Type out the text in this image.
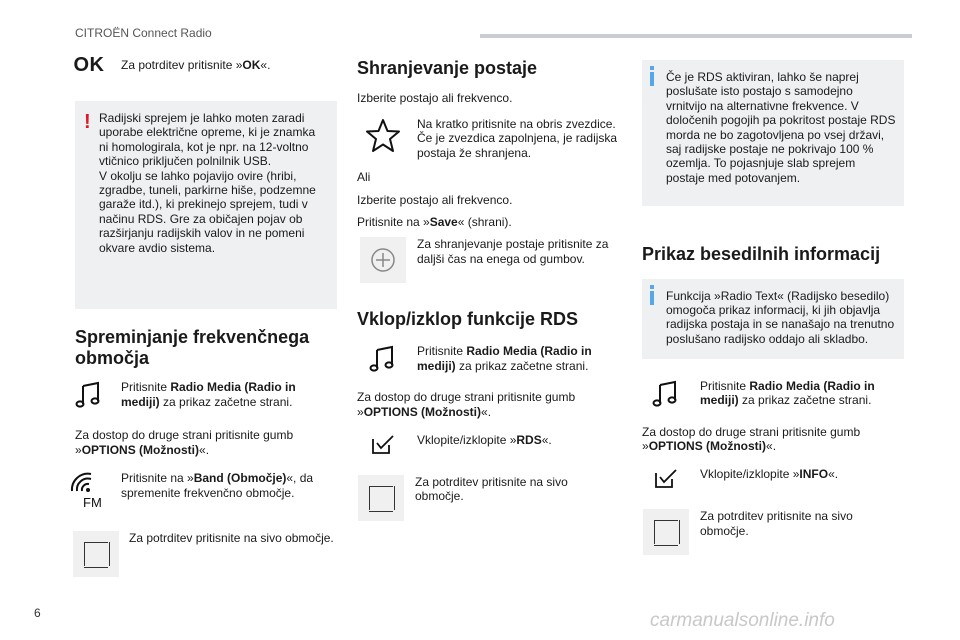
CITROËN Connect Radio
OK	Za potrditev pritisnite »OK«.
! Radijski sprejem je lahko moten zaradi uporabe električne opreme, ki je znamka ni homologirala, kot je npr. na 12-voltno vtičnico priključen polnilnik USB.
V okolju se lahko pojavijo ovire (hribi, zgradbe, tuneli, parkirne hiše, podzemne garaže itd.), ki prekinejo sprejem, tudi v načinu RDS. Gre za običajen pojav ob razširjanju radijskih valov in ne pomeni okvare avdio sistema.

Spreminjanje frekvenčnega območja
Pritisnite Radio Media (Radio in mediji) za prikaz začetne strani.

Za dostop do druge strani pritisnite gumb »OPTIONS (Možnosti)«.

FM
Pritisnite na »Band (Območje)«, da spremenite frekvenčno območje.
Za potrditev pritisnite na sivo območje.
Shranjevanje postaje

Izberite postajo ali frekvenco.

Na kratko pritisnite na obris zvezdice. Če je zvezdica zapolnjena, je radijska postaja že shranjena.

Ali

Izberite postajo ali frekvenco.

Pritisnite na »Save« (shrani).

Za shranjevanje postaje pritisnite za daljši čas na enega od gumbov.
Vklop/izklop funkcije RDS
Pritisnite Radio Media (Radio in mediji) za prikaz začetne strani.

Za dostop do druge strani pritisnite gumb »OPTIONS (Možnosti)«.

Vklopite/izklopite »RDS«.
Za potrditev pritisnite na sivo območje.

Če je RDS aktiviran, lahko še naprej poslušate isto postajo s samodejno vrnitvijo na alternativne frekvence. V določenih pogojih pa pokritost postaje RDS morda ne bo zagotovljena po vsej državi, saj radijske postaje ne pokrivajo 100 % ozemlja. To pojasnjuje slab sprejem postaje med potovanjem.

Prikaz besedilnih informacij

Funkcija »Radio Text« (Radijsko besedilo) omogoča prikaz informacij, ki jih objavlja radijska postaja in se nanašajo na trenutno poslušano radijsko oddajo ali skladbo.

Pritisnite Radio Media (Radio in mediji) za prikaz začetne strani.

Za dostop do druge strani pritisnite gumb »OPTIONS (Možnosti)«.

Vklopite/izklopite »INFO«.
Za potrditev pritisnite na sivo območje.
6	carmanualsonline.info
